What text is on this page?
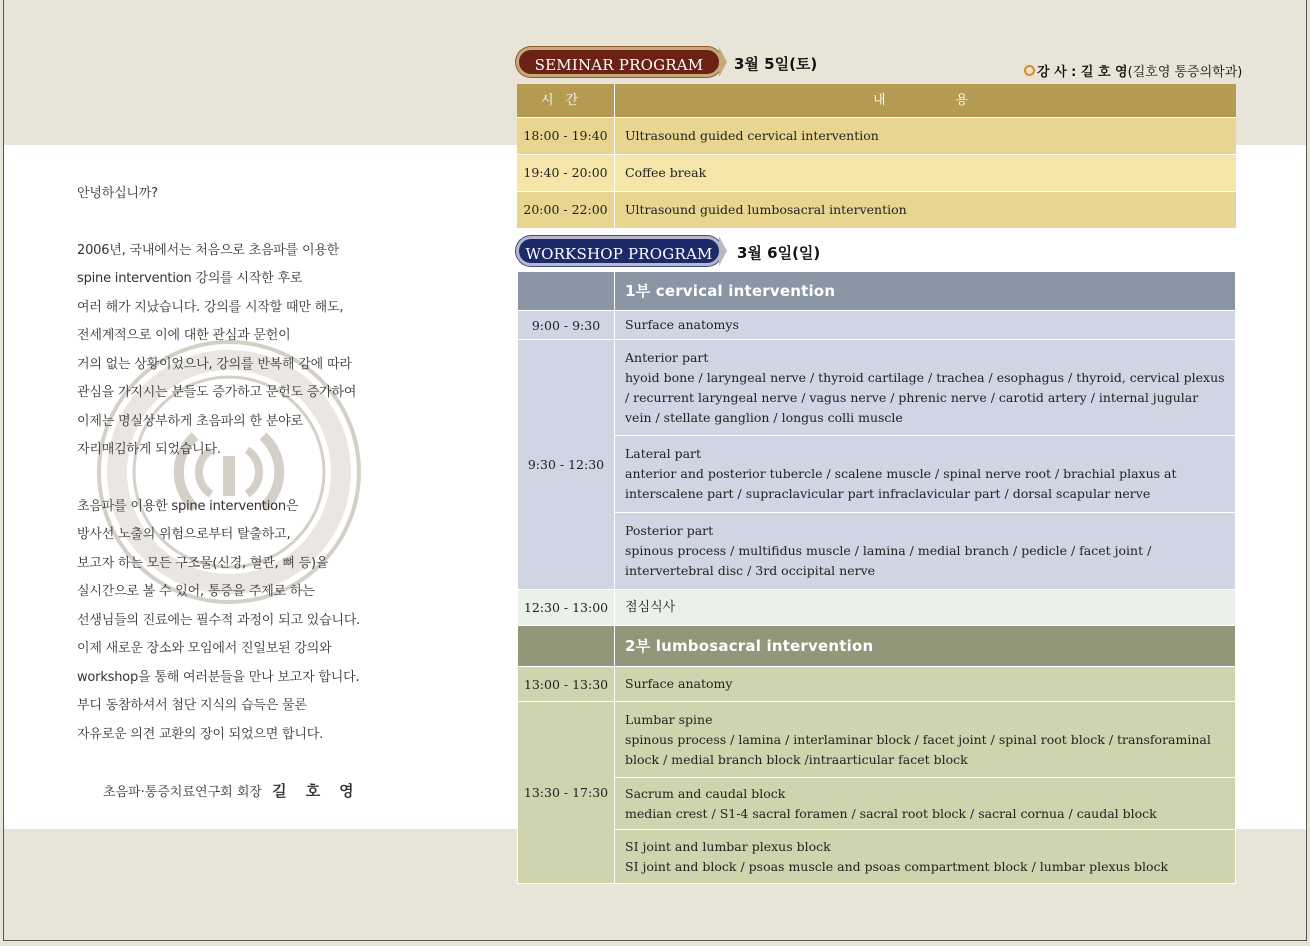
안녕하십니까?
2006년, 국내에서는 처음으로 초음파를 이용한
spine intervention 강의를 시작한 후로
여러 해가 지났습니다. 강의를 시작할 때만 해도,
전세계적으로 이에 대한 관심과 문헌이
거의 없는 상황이었으나, 강의를 반복해 감에 따라
관심을 가지시는 분들도 증가하고 문헌도 증가하여
이제는 명실상부하게 초음파의 한 분야로
자리매김하게 되었습니다.
초음파를 이용한 spine intervention은
방사선 노출의 위험으로부터 탈출하고,
보고자 하는 모든 구조물(신경, 혈관, 뼈 등)을
실시간으로 볼 수 있어, 통증을 주제로 하는
선생님들의 진료에는 필수적 과정이 되고 있습니다.
이제 새로운 장소와 모임에서 진일보된 강의와
workshop을 통해 여러분들을 만나 보고자 합니다.
부디 동참하셔서 첨단 지식의 습득은 물론
자유로운 의견 교환의 장이 되었으면 합니다.
초음파·통증치료연구회 회장 길호영
SEMINAR PROGRAM	3월 5일(토)	강 사 : 길 호 영(길호영 통증의학과)
시간	내용
18:00 - 19:40	Ultrasound guided cervical intervention
19:40 - 20:00	Coffee break
20:00 - 22:00	Ultrasound guided lumbosacral intervention
WORKSHOP PROGRAM	3월 6일(일)
	1부 cervical intervention
9:00 - 9:30	Surface anatomys
9:30 - 12:30	Anterior part
hyoid bone / laryngeal nerve / thyroid cartilage / trachea / esophagus / thyroid, cervical plexus / recurrent laryngeal nerve / vagus nerve / phrenic nerve / carotid artery / internal jugular vein / stellate ganglion / longus colli muscle

	Lateral part
anterior and posterior tubercle / scalene muscle / spinal nerve root / brachial plaxus at interscalene part / supraclavicular part infraclavicular part / dorsal scapular nerve

	Posterior part
spinous process / multifidus muscle / lamina / medial branch / pedicle / facet joint / intervertebral disc / 3rd occipital nerve
12:30 - 13:00	점심식사
	2부 lumbosacral intervention
13:00 - 13:30	Surface anatomy
13:30 - 17:30	Lumbar spine
spinous process / lamina / interlaminar block / facet joint / spinal root block / transforaminal block / medial branch block /intraarticular facet block

	Sacrum and caudal block
median crest / S1-4 sacral foramen / sacral root block / sacral cornua / caudal block

	SI joint and lumbar plexus block
SI joint and block / psoas muscle and psoas compartment block / lumbar plexus block
